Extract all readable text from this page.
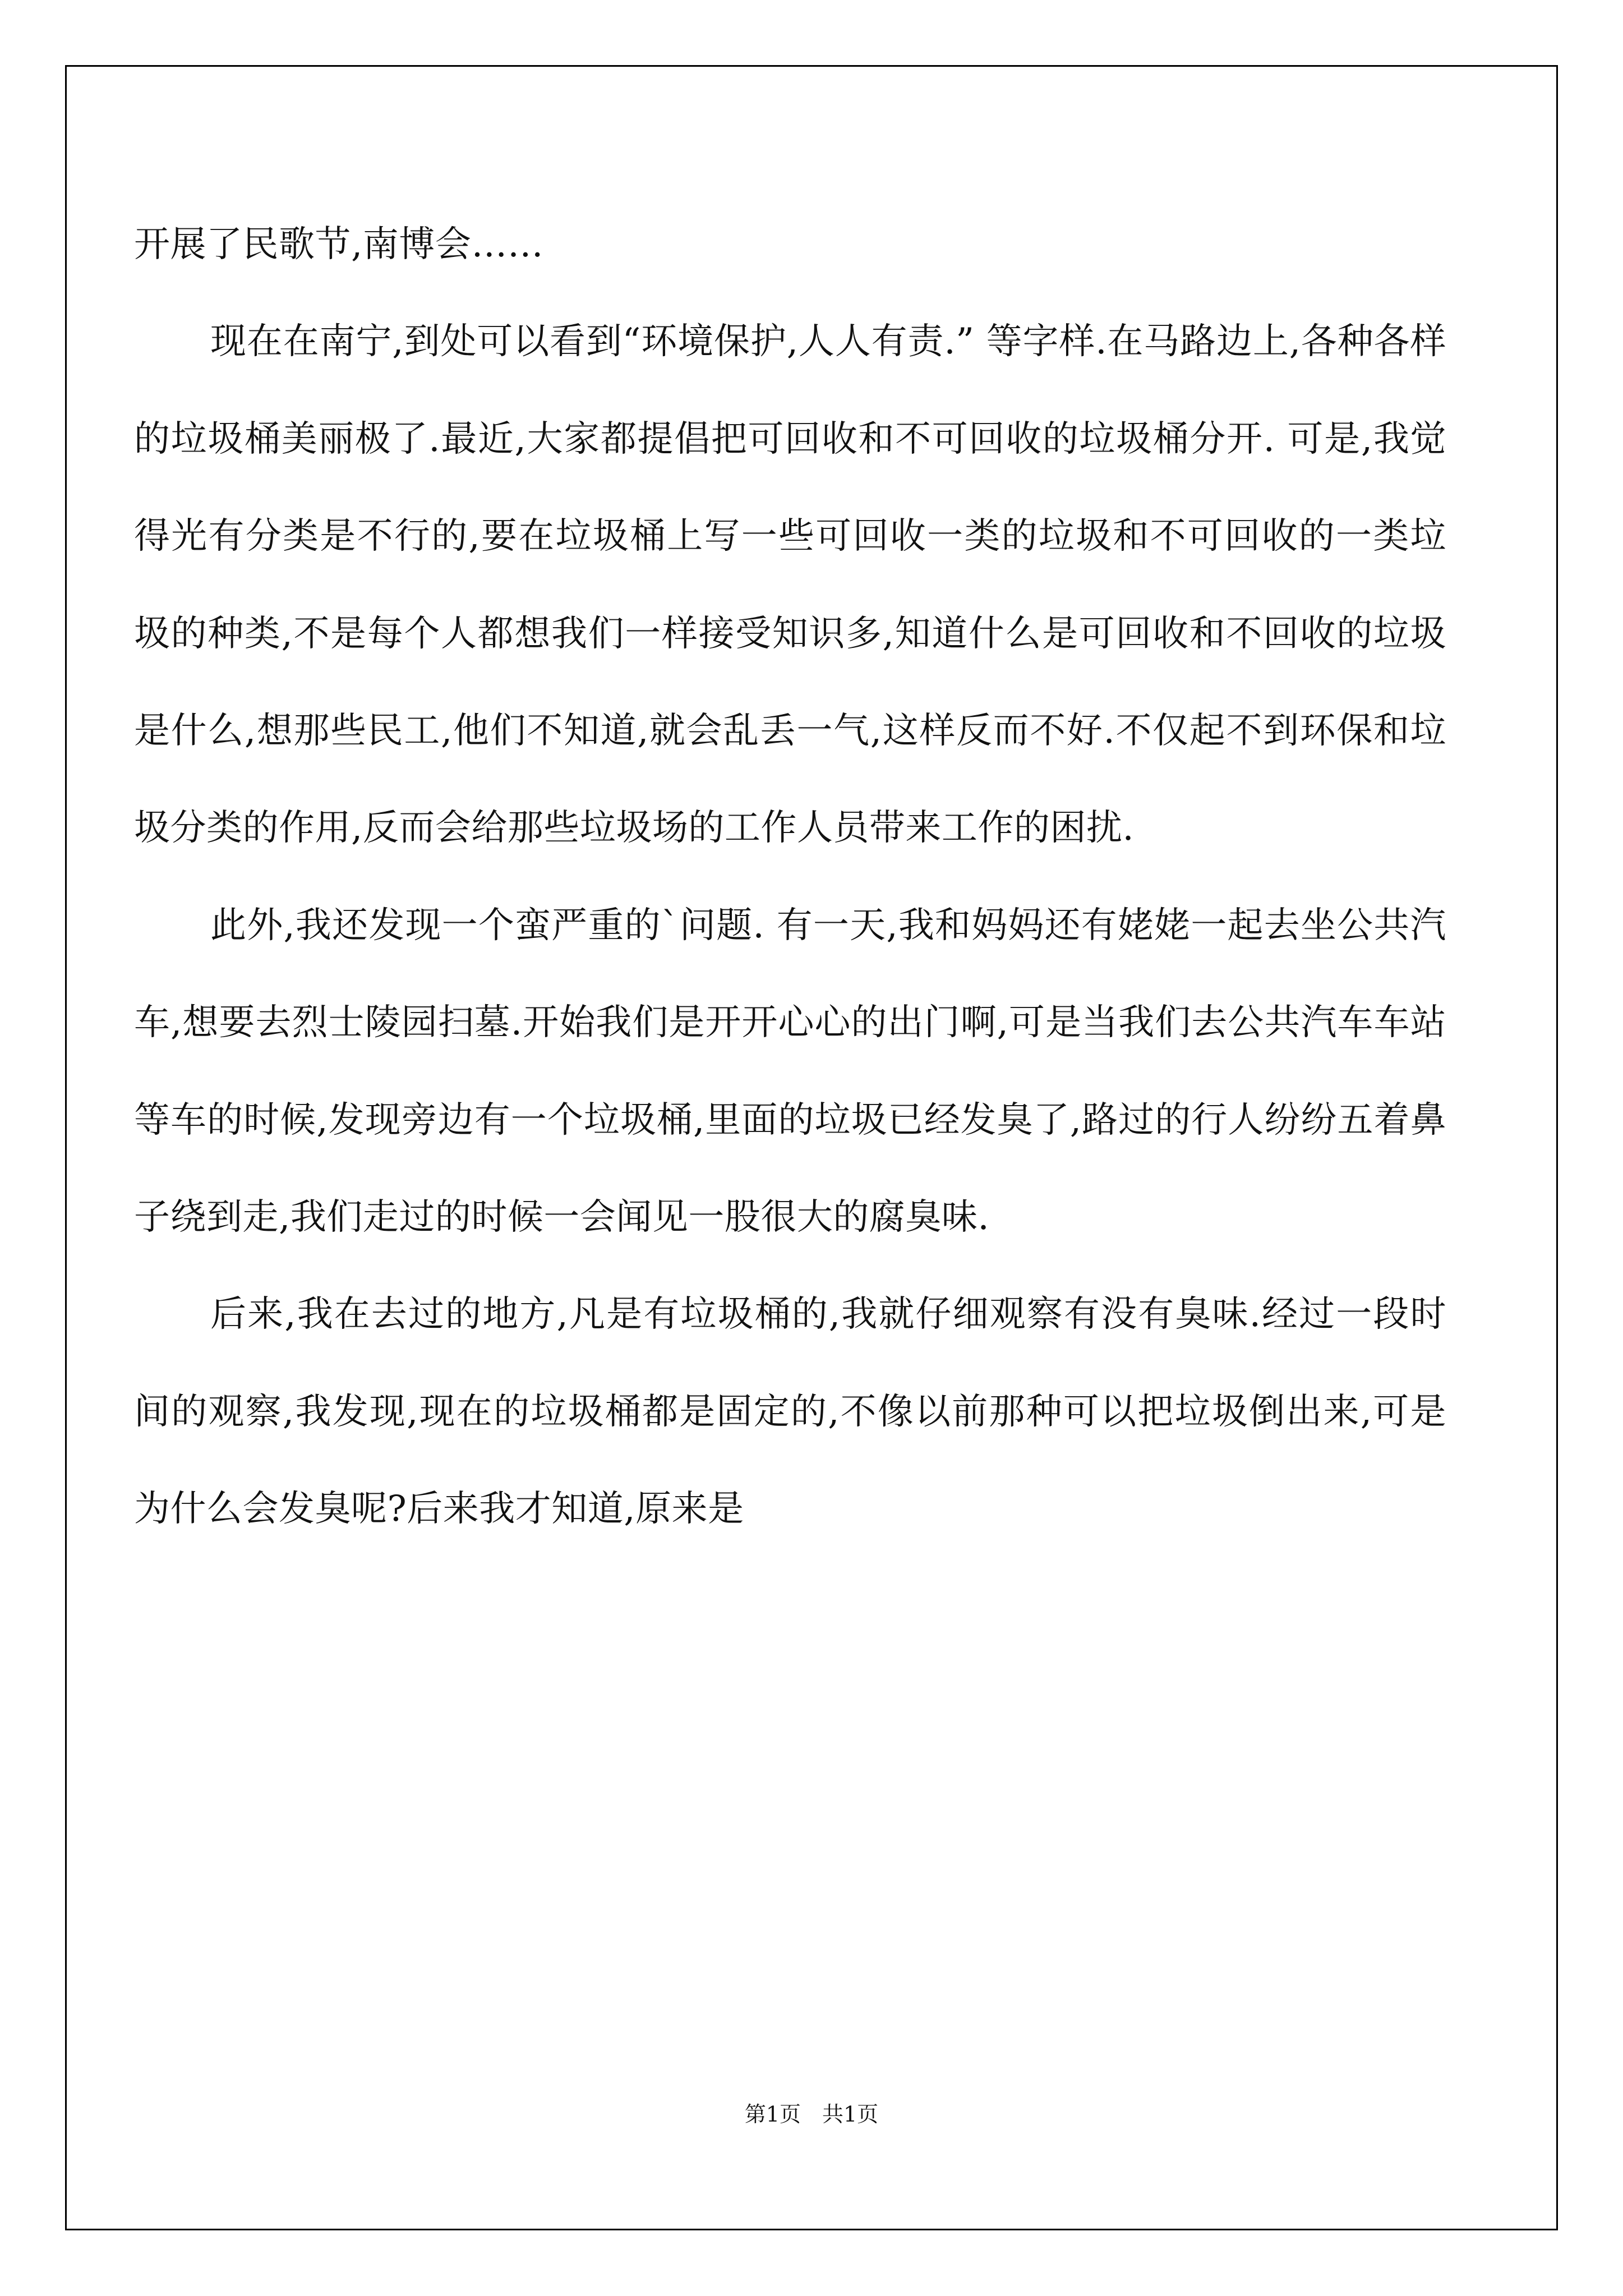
开展了民歌节,南博会……

现在在南宁,到处可以看到“环境保护,人人有责.” 等字样.在马路边上,各种各样的垃圾桶美丽极了.最近,大家都提倡把可回收和不可回收的垃圾桶分开. 可是,我觉得光有分类是不行的,要在垃圾桶上写一些可回收一类的垃圾和不可回收的一类垃圾的种类,不是每个人都想我们一样接受知识多,知道什么是可回收和不回收的垃圾是什么,想那些民工,他们不知道,就会乱丢一气,这样反而不好.不仅起不到环保和垃圾分类的作用,反而会给那些垃圾场的工作人员带来工作的困扰.

此外,我还发现一个蛮严重的`问题. 有一天,我和妈妈还有姥姥一起去坐公共汽车,想要去烈士陵园扫墓.开始我们是开开心心的出门啊,可是当我们去公共汽车车站等车的时候,发现旁边有一个垃圾桶,里面的垃圾已经发臭了,路过的行人纷纷五着鼻子绕到走,我们走过的时候一会闻见一股很大的腐臭味.

后来,我在去过的地方,凡是有垃圾桶的,我就仔细观察有没有臭味.经过一段时间的观察,我发现,现在的垃圾桶都是固定的,不像以前那种可以把垃圾倒出来,可是为什么会发臭呢?后来我才知道,原来是

第1页  共1页
